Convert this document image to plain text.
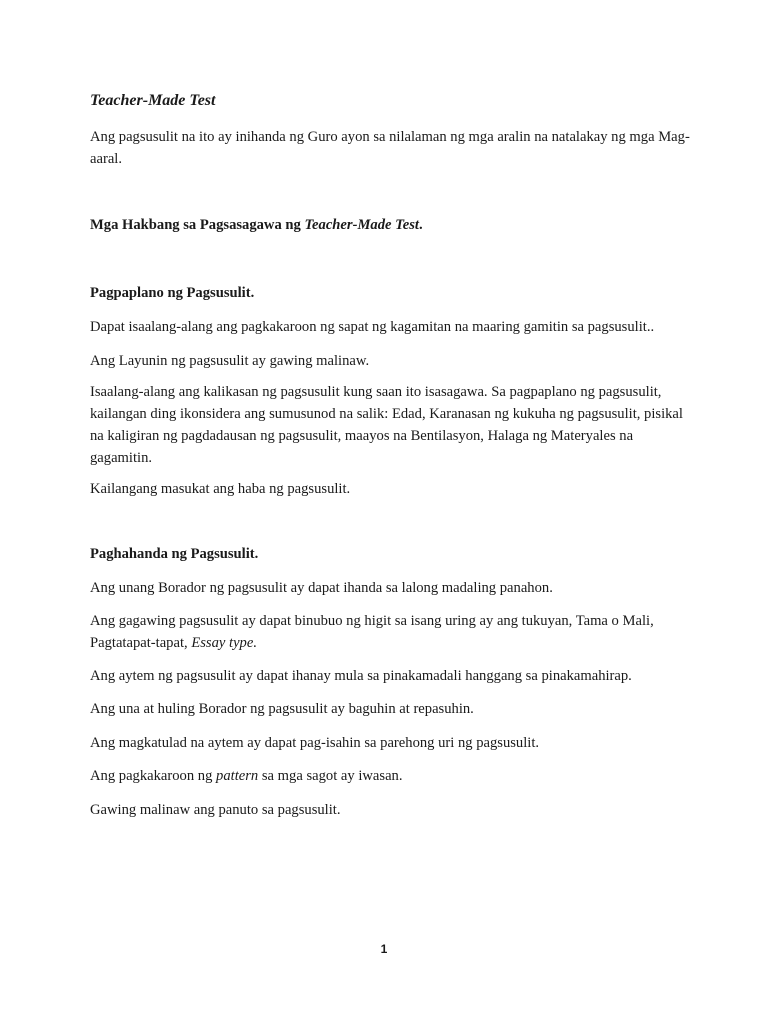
Teacher-Made Test

Ang pagsusulit na ito ay inihanda ng Guro ayon sa nilalaman ng mga aralin na natalakay ng mga Mag-aaral.

Mga Hakbang sa Pagsasagawa ng Teacher-Made Test.

Pagpaplano ng Pagsusulit.

Dapat isaalang-alang ang pagkakaroon ng sapat ng kagamitan na maaring gamitin sa pagsusulit..

Ang Layunin ng pagsusulit ay gawing malinaw.

Isaalang-alang ang kalikasan ng pagsusulit kung saan ito isasagawa. Sa pagpaplano ng pagsusulit, kailangan ding ikonsidera ang sumusunod na salik: Edad, Karanasan ng kukuha ng pagsusulit, pisikal na kaligiran ng pagdadausan ng pagsusulit, maayos na Bentilasyon, Halaga ng Materyales na gagamitin.

Kailangang masukat ang haba ng pagsusulit.

Paghahanda ng Pagsusulit.

Ang unang Borador ng pagsusulit ay dapat ihanda sa lalong madaling panahon.

Ang gagawing pagsusulit ay dapat binubuo ng higit sa isang uring ay ang tukuyan, Tama o Mali, Pagtatapat-tapat, Essay type.

Ang aytem ng pagsusulit ay dapat ihanay mula sa pinakamadali hanggang sa pinakamahirap.

Ang una at huling Borador ng pagsusulit ay baguhin at repasuhin.

Ang magkatulad na aytem ay dapat pag-isahin sa parehong uri ng pagsusulit.

Ang pagkakaroon ng pattern sa mga sagot ay iwasan.

Gawing malinaw ang panuto sa pagsusulit.

1
